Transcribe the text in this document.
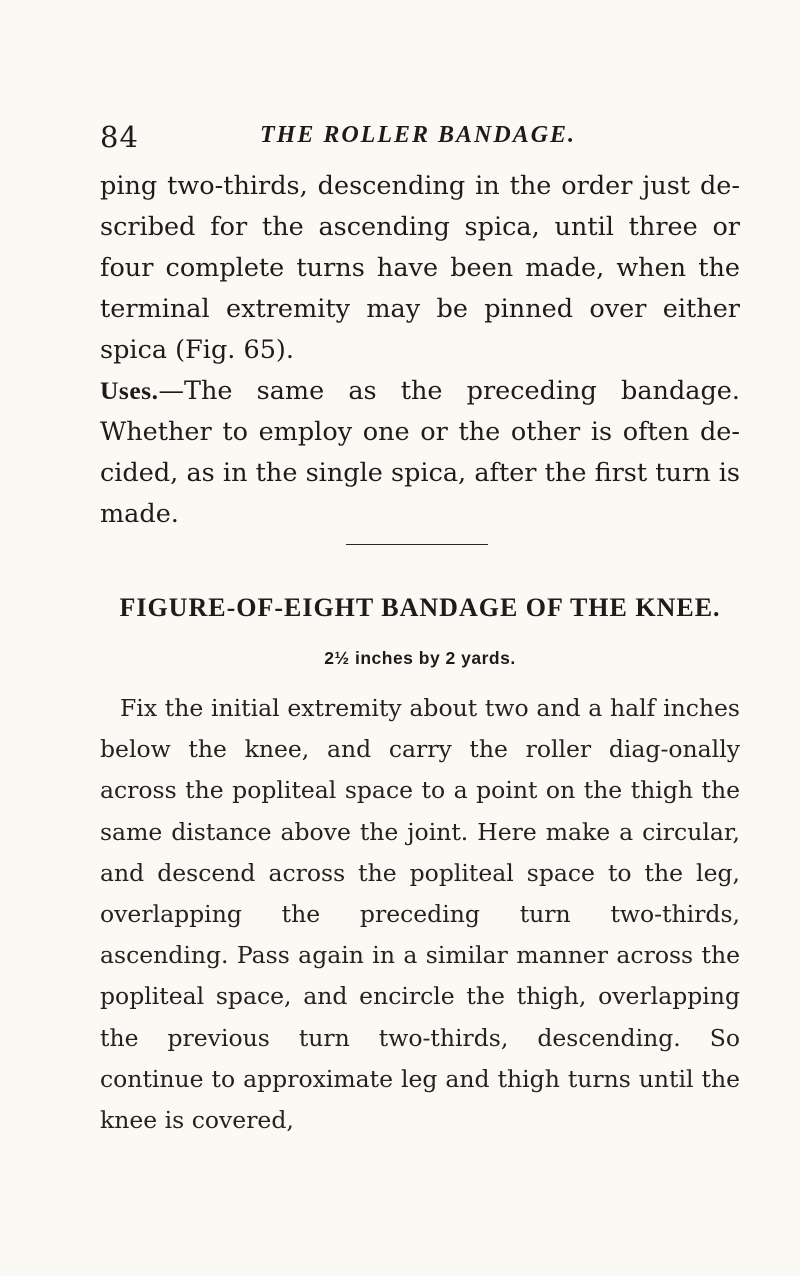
84	THE ROLLER BANDAGE.

ping two-thirds, descending in the order just de-scribed for the ascending spica, until three or four complete turns have been made, when the terminal extremity may be pinned over either spica (Fig. 65).

Uses.—The same as the preceding bandage. Whether to employ one or the other is often de-cided, as in the single spica, after the first turn is made.

FIGURE-OF-EIGHT BANDAGE OF THE KNEE.
2½ inches by 2 yards.

Fix the initial extremity about two and a half inches below the knee, and carry the roller diag-onally across the popliteal space to a point on the thigh the same distance above the joint. Here make a circular, and descend across the popliteal space to the leg, overlapping the preceding turn two-thirds, ascending. Pass again in a similar manner across the popliteal space, and encircle the thigh, overlapping the previous turn two-thirds, descending. So continue to approximate leg and thigh turns until the knee is covered,
